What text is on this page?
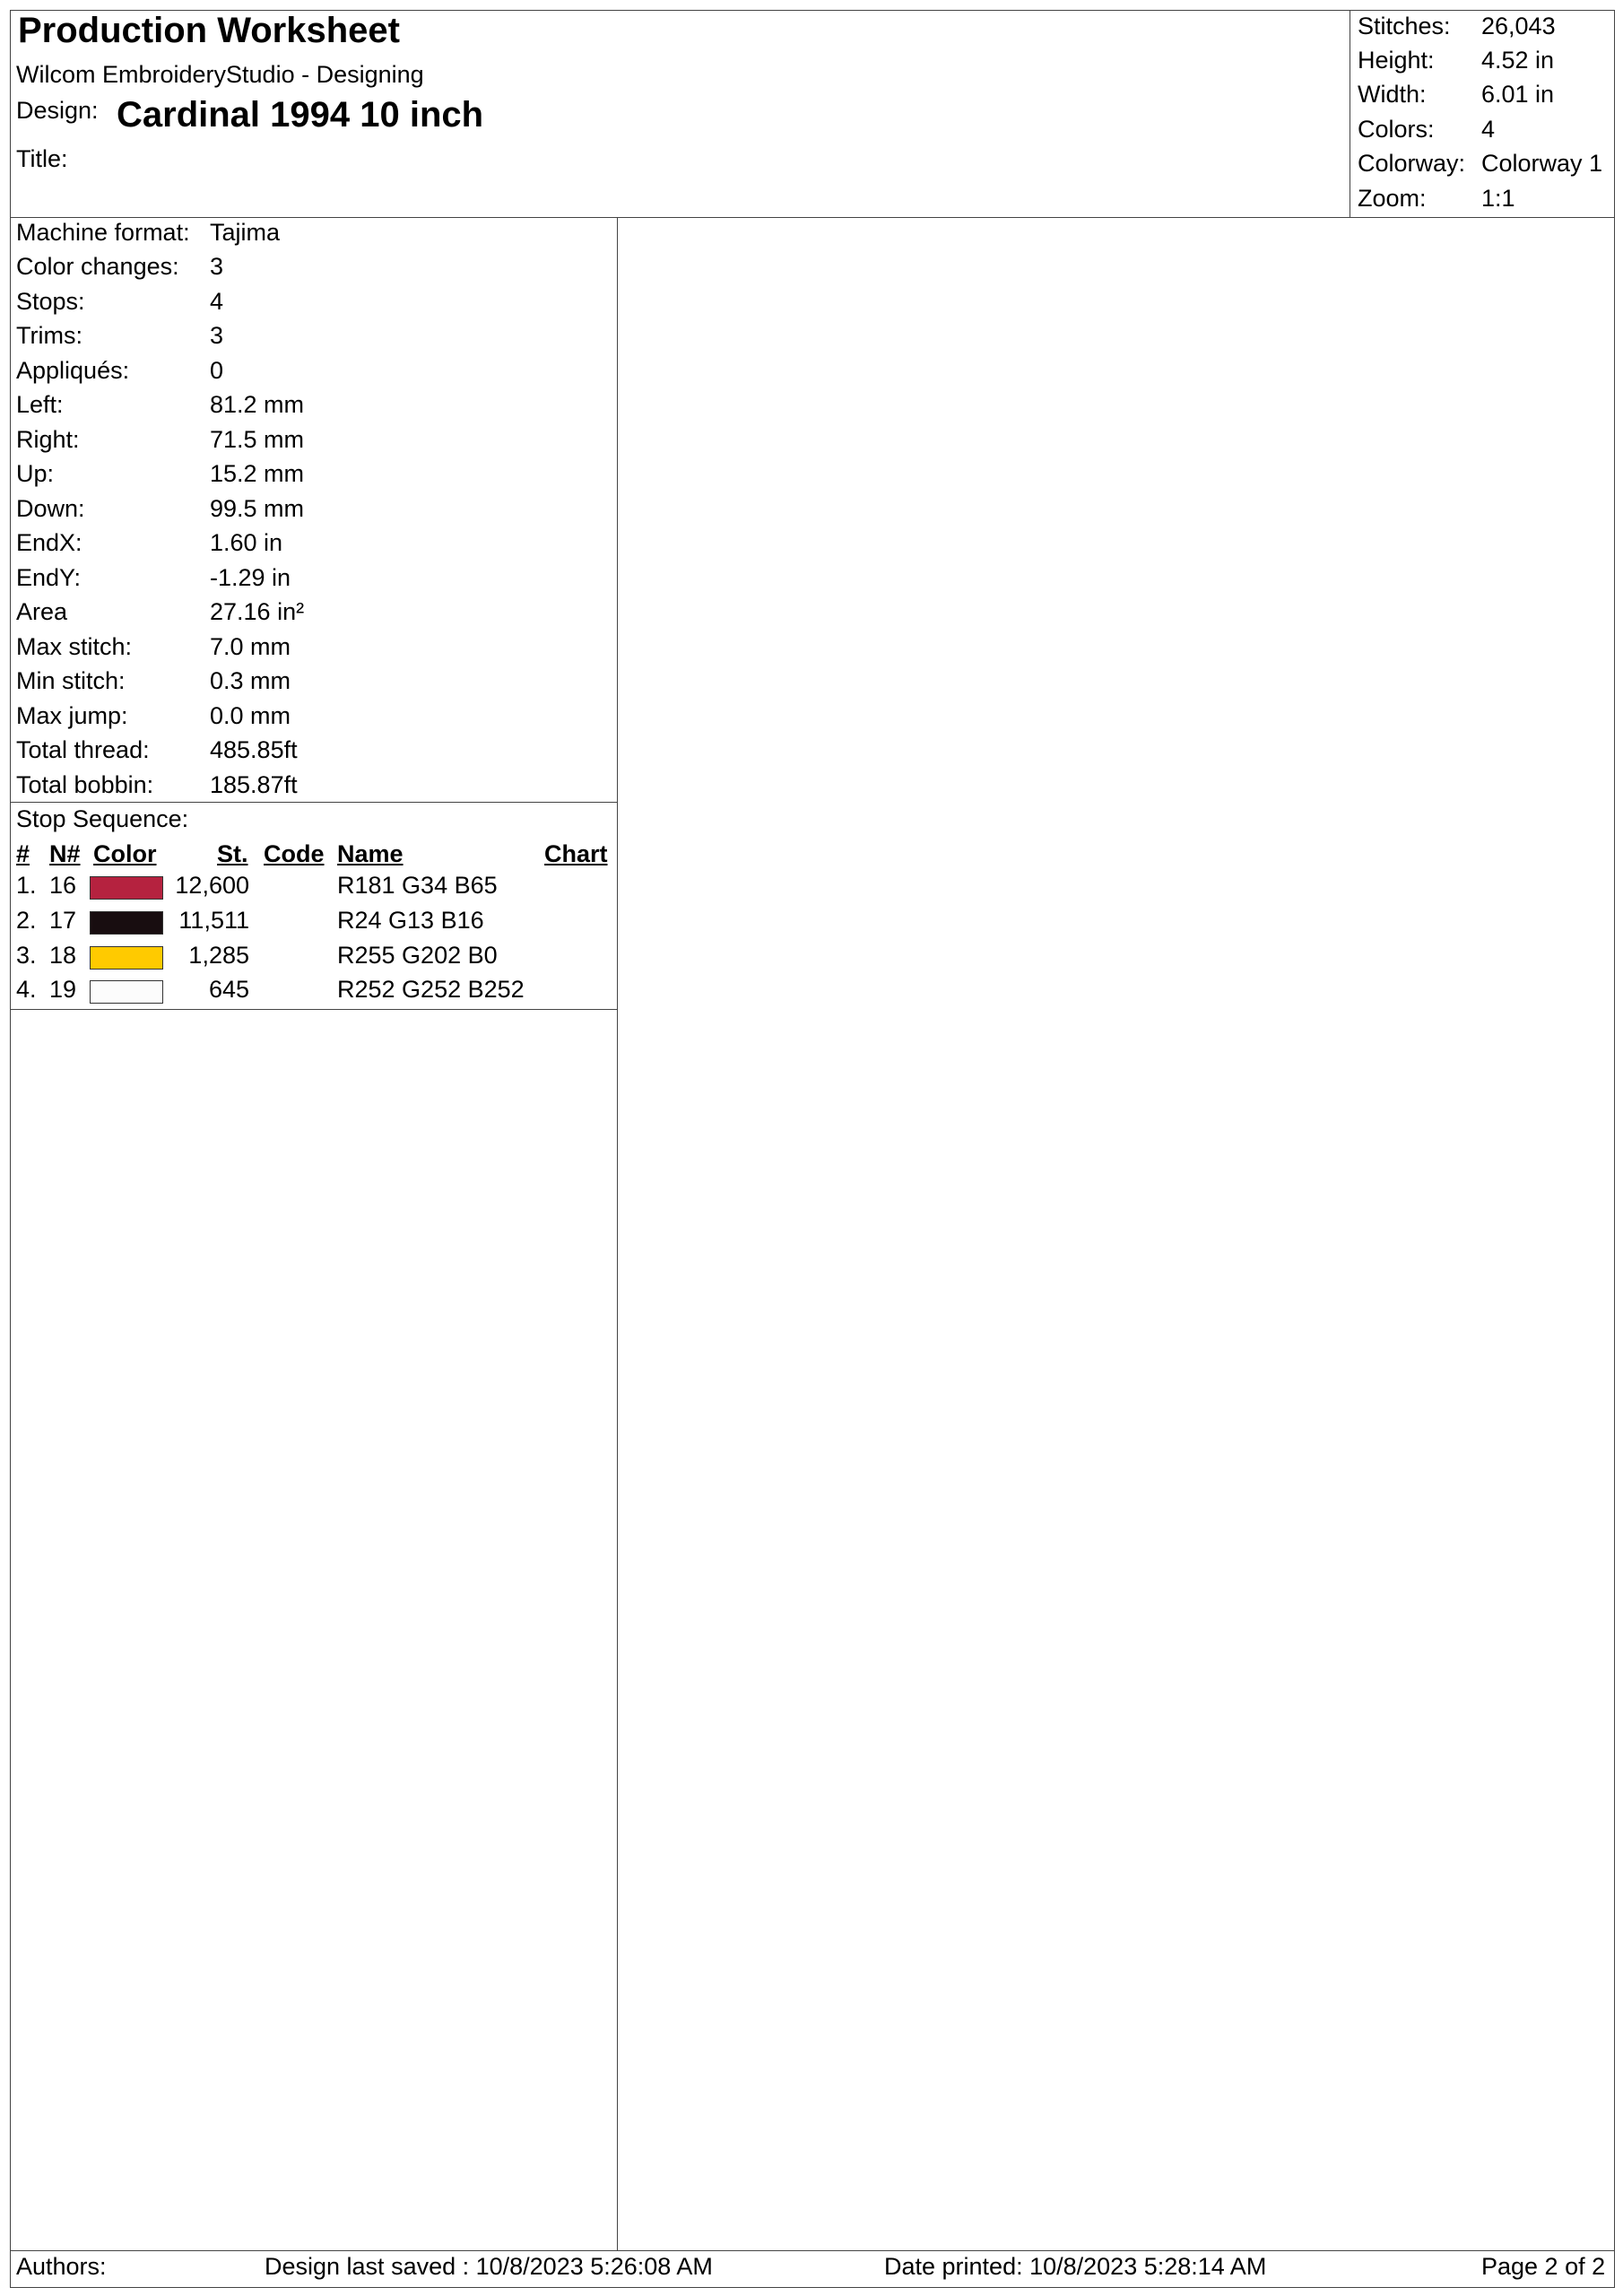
Production Worksheet
Wilcom EmbroideryStudio - Designing
Design: Cardinal 1994 10 inch
Title:
Stitches: 26,043
Height: 4.52 in
Width: 6.01 in
Colors: 4
Colorway: Colorway 1
Zoom: 1:1
Machine format: Tajima
Color changes: 3
Stops:	4
Trims:	3
Appliqués:	0
Left:	81.2 mm
Right:	71.5 mm
Up:	15.2 mm
Down:	99.5 mm
EndX:	1.60 in
EndY:	-1.29 in
Area	27.16 in²
Max stitch:	7.0 mm
Min stitch:	0.3 mm
Max jump:	0.0 mm
Total thread: 485.85ft
Total bobbin: 185.87ft
Stop Sequence:
# N# Color	St. Code Name	Chart
1. 16	12,600	R181 G34 B65
2. 17	11,511	R24 G13 B16
3. 18	1,285	R255 G202 B0
4. 19	645	R252 G252 B252
Authors:	Design last saved : 10/8/2023 5:26:08 AM	Date printed: 10/8/2023 5:28:14 AM	Page 2 of 2
